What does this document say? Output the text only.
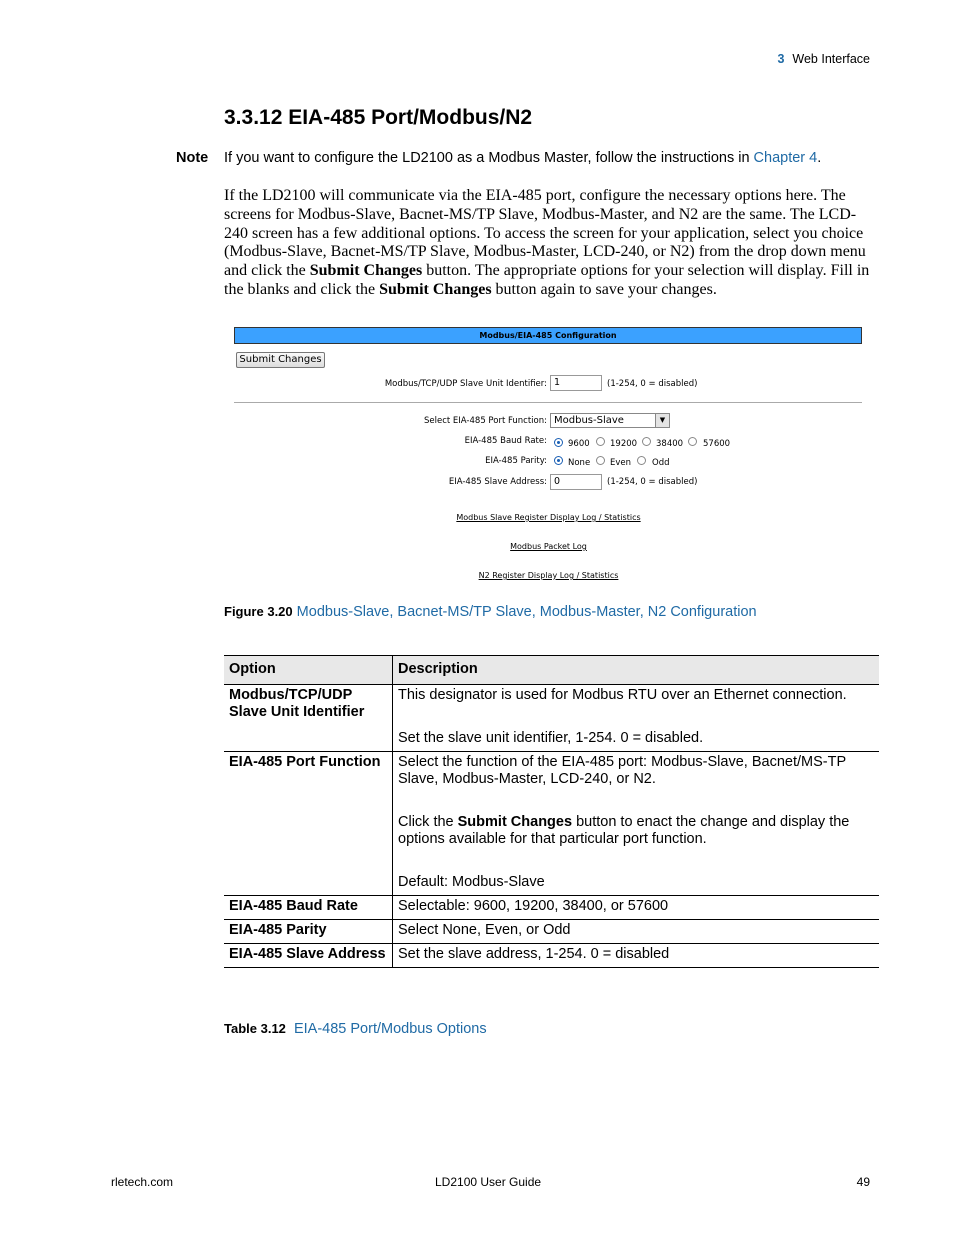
3 Web Interface
3.3.12 EIA-485 Port/Modbus/N2
Note If you want to configure the LD2100 as a Modbus Master, follow the instructions in Chapter 4.
If the LD2100 will communicate via the EIA-485 port, configure the necessary options here. The screens for Modbus-Slave, Bacnet-MS/TP Slave, Modbus-Master, and N2 are the same. The LCD-240 screen has a few additional options. To access the screen for your application, select you choice (Modbus-Slave, Bacnet-MS/TP Slave, Modbus-Master, LCD-240, or N2) from the drop down menu and click the Submit Changes button. The appropriate options for your selection will display. Fill in the blanks and click the Submit Changes button again to save your changes.
Modbus/EIA-485 Configuration
Submit Changes
Modbus/TCP/UDP Slave Unit Identifier: 1	(1-254, 0 = disabled)
Select EIA-485 Port Function: Modbus-Slave	▼
EIA-485 Baud Rate: 9600 19200 38400 57600
EIA-485 Parity: None Even Odd
EIA-485 Slave Address: 0	(1-254, 0 = disabled)
Modbus Slave Register Display Log / Statistics
Modbus Packet Log
N2 Register Display Log / Statistics
Figure 3.20 Modbus-Slave, Bacnet-MS/TP Slave, Modbus-Master, N2 Configuration
Option	Description
Modbus/TCP/UDP Slave Unit Identifier	This designator is used for Modbus RTU over an Ethernet connection.

Set the slave unit identifier, 1-254. 0 = disabled.

EIA-485 Port Function	Select the function of the EIA-485 port: Modbus-Slave, Bacnet/MS-TP Slave, Modbus-Master, LCD-240, or N2.

Click the Submit Changes button to enact the change and display the options available for that particular port function.

Default: Modbus-Slave

EIA-485 Baud Rate	Selectable: 9600, 19200, 38400, or 57600
EIA-485 Parity	Select None, Even, or Odd
EIA-485 Slave Address	Set the slave address, 1-254. 0 = disabled
Table 3.12 EIA-485 Port/Modbus Options
rletech.com	LD2100 User Guide	49
